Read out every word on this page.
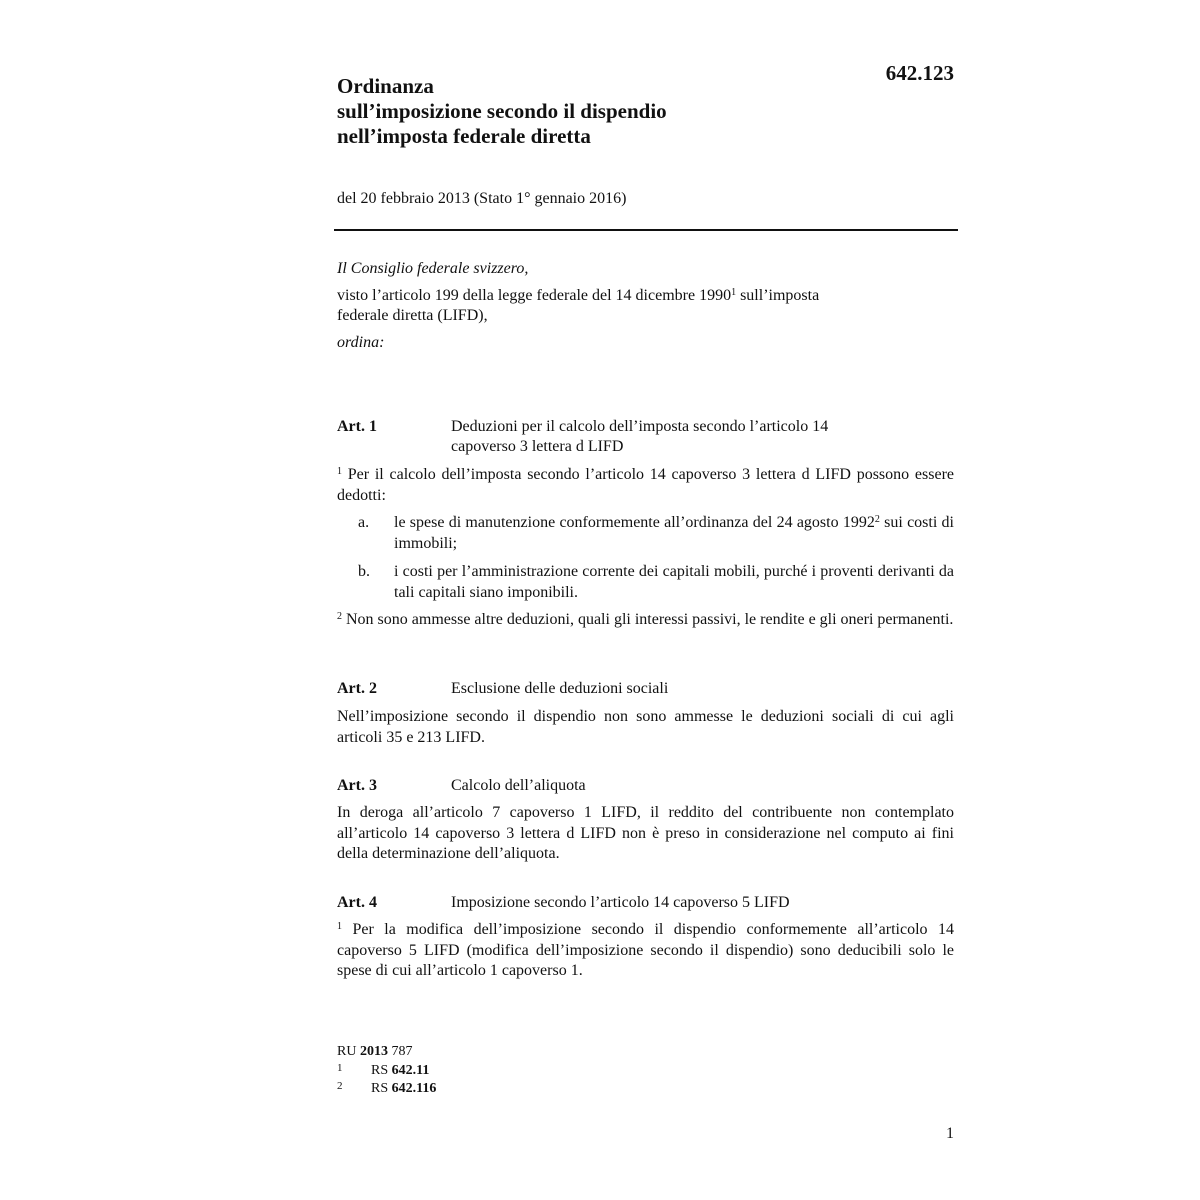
642.123
Ordinanza
sull’imposizione secondo il dispendio
nell’imposta federale diretta
del 20 febbraio 2013 (Stato 1° gennaio 2016)

Il Consiglio federale svizzero,

visto l’articolo 199 della legge federale del 14 dicembre 1990$^1$ sull’imposta
federale diretta (LIFD),

ordina:

Art. 1	Deduzioni per il calcolo dell’imposta secondo l’articolo 14
capoverso 3 lettera d LIFD

$^1$ Per il calcolo dell’imposta secondo l’articolo 14 capoverso 3 lettera d LIFD possono essere dedotti:

a. le spese di manutenzione conformemente all’ordinanza del 24 agosto 1992$^2$ sui costi di immobili;
b. i costi per l’amministrazione corrente dei capitali mobili, purché i proventi derivanti da tali capitali siano imponibili.

$^2$ Non sono ammesse altre deduzioni, quali gli interessi passivi, le rendite e gli oneri permanenti.

Art. 2	Esclusione delle deduzioni sociali

Nell’imposizione secondo il dispendio non sono ammesse le deduzioni sociali di cui agli articoli 35 e 213 LIFD.

Art. 3	Calcolo dell’aliquota

In deroga all’articolo 7 capoverso 1 LIFD, il reddito del contribuente non contemplato all’articolo 14 capoverso 3 lettera d LIFD non è preso in considerazione nel computo ai fini della determinazione dell’aliquota.

Art. 4	Imposizione secondo l’articolo 14 capoverso 5 LIFD

$^1$ Per la modifica dell’imposizione secondo il dispendio conformemente all’articolo 14 capoverso 5 LIFD (modifica dell’imposizione secondo il dispendio) sono deducibili solo le spese di cui all’articolo 1 capoverso 1.

RU 2013 787
1 RS 642.11
2 RS 642.116
1
